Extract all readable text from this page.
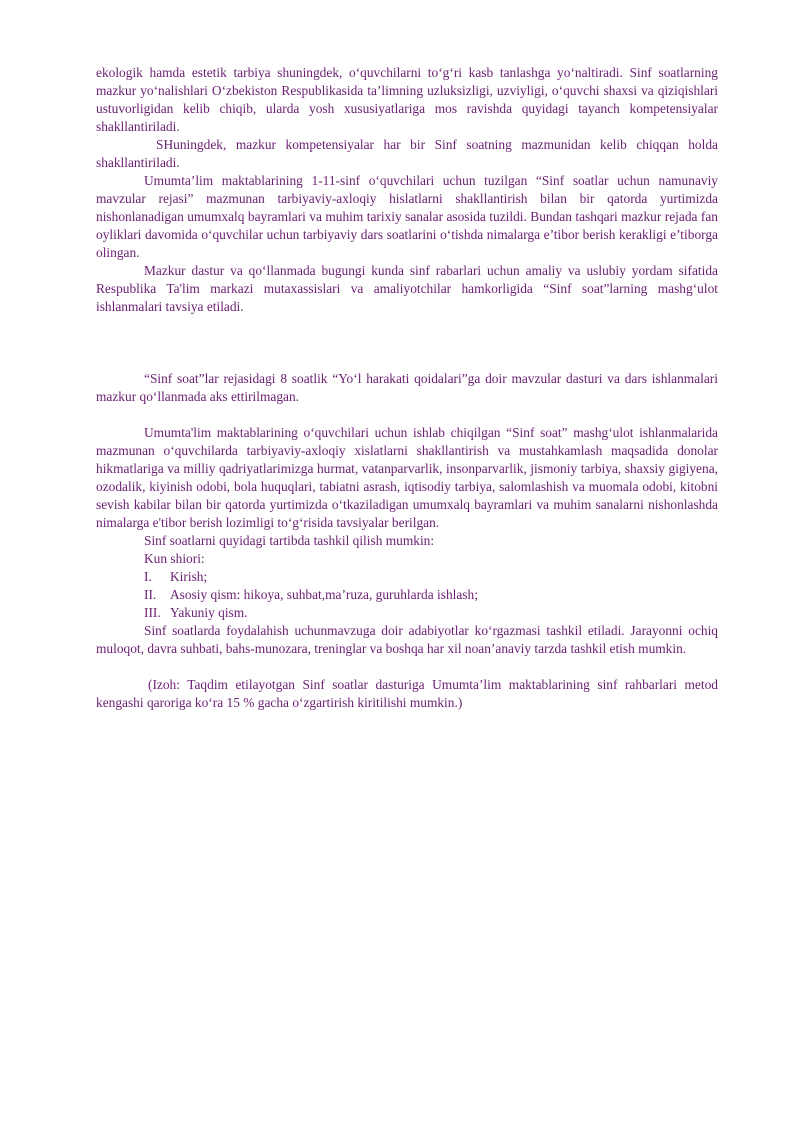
ekologik hamda estetik tarbiya shuningdek, o‘quvchilarni to‘g‘ri kasb tanlashga yo‘naltiradi. Sinf soatlarning mazkur yo‘nalishlari O‘zbekiston Respublikasida ta’limning uzluksizligi, uzviyligi, o‘quvchi shaxsi va qiziqishlari ustuvorligidan kelib chiqib, ularda yosh xususiyatlariga mos ravishda quyidagi tayanch kompetensiyalar shakllantiriladi.

SHuningdek, mazkur kompetensiyalar har bir Sinf soatning mazmunidan kelib chiqqan holda shakllantiriladi.

Umumta’lim maktablarining 1-11-sinf o‘quvchilari uchun tuzilgan “Sinf soatlar uchun namunaviy mavzular rejasi” mazmunan tarbiyaviy-axloqiy hislatlarni shakllantirish bilan bir qatorda yurtimizda nishonlanadigan umumxalq bayramlari va muhim tarixiy sanalar asosida tuzildi. Bundan tashqari mazkur rejada fan oyliklari davomida o‘quvchilar uchun tarbiyaviy dars soatlarini o‘tishda nimalarga e’tibor berish kerakligi e’tiborga olingan.

Mazkur dastur va qo‘llanmada bugungi kunda sinf rabarlari uchun amaliy va uslubiy yordam sifatida Respublika Ta'lim markazi mutaxassislari va amaliyotchilar hamkorligida “Sinf soat”larning mashg‘ulot ishlanmalari tavsiya etiladi.

“Sinf soat”lar rejasidagi 8 soatlik “Yo‘l harakati qoidalari”ga doir mavzular dasturi va dars ishlanmalari mazkur qo‘llanmada aks ettirilmagan.

Umumta'lim maktablarining o‘quvchilari uchun ishlab chiqilgan “Sinf soat” mashg‘ulot ishlanmalarida mazmunan o‘quvchilarda tarbiyaviy-axloqiy xislatlarni shakllantirish va mustahkamlash maqsadida donolar hikmatlariga va milliy qadriyatlarimizga hurmat, vatanparvarlik, insonparvarlik, jismoniy tarbiya, shaxsiy gigiyena, ozodalik, kiyinish odobi, bola huquqlari, tabiatni asrash, iqtisodiy tarbiya, salomlashish va muomala odobi, kitobni sevish kabilar bilan bir qatorda yurtimizda o‘tkaziladigan umumxalq bayramlari va muhim sanalarni nishonlashda nimalarga e'tibor berish lozimligi to‘g‘risida tavsiyalar berilgan.

Sinf soatlarni quyidagi tartibda tashkil qilish mumkin:

Kun shiori:

I.	Kirish;
II.	Asosiy qism: hikoya, suhbat,ma’ruza, guruhlarda ishlash;
III. Yakuniy qism.

Sinf soatlarda foydalahish uchunmavzuga doir adabiyotlar ko‘rgazmasi tashkil etiladi. Jarayonni ochiq muloqot, davra suhbati, bahs-munozara, treninglar va boshqa har xil noan’anaviy tarzda tashkil etish mumkin.

(Izoh: Taqdim etilayotgan Sinf soatlar dasturiga Umumta’lim maktablarining sinf rahbarlari metod kengashi qaroriga ko‘ra 15 % gacha o‘zgartirish kiritilishi mumkin.)
